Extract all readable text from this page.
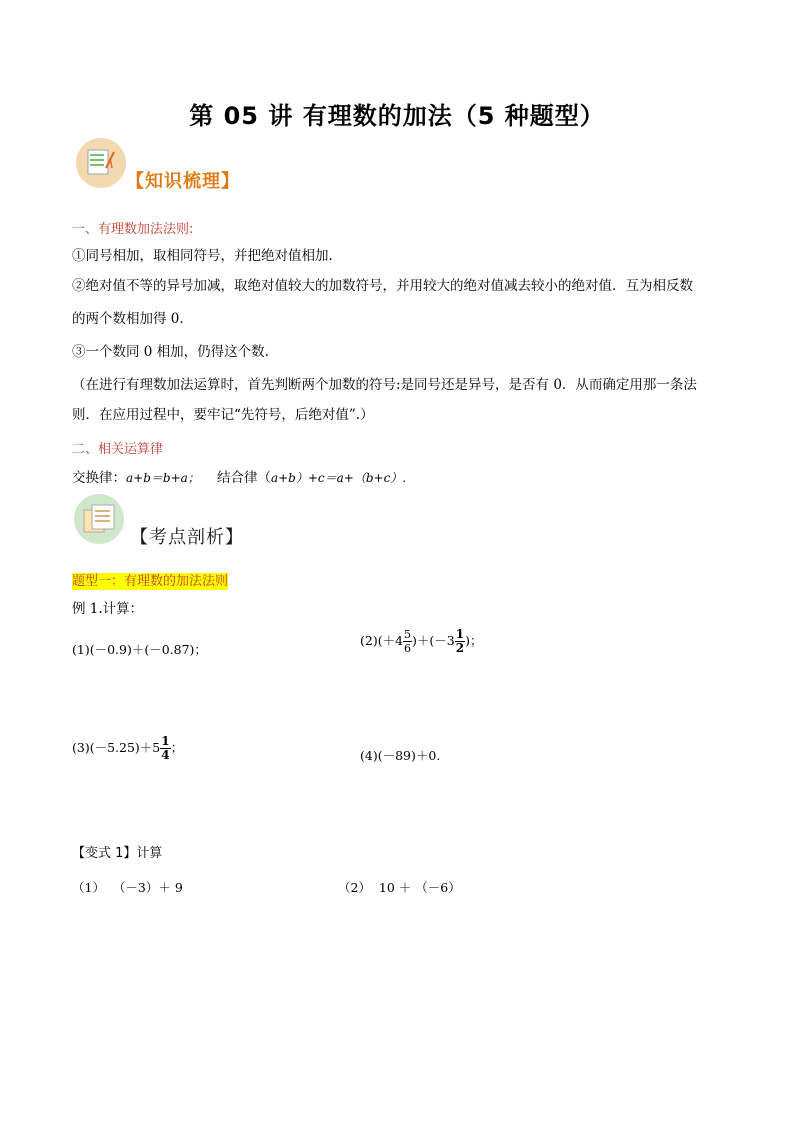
第 05 讲 有理数的加法（5 种题型）
【知识梳理】
一、有理数加法法则:
①同号相加，取相同符号，并把绝对值相加.
②绝对值不等的异号加减，取绝对值较大的加数符号，并用较大的绝对值减去较小的绝对值．互为相反数
的两个数相加得 0.
③一个数同 0 相加，仍得这个数.
（在进行有理数加法运算时，首先判断两个加数的符号:是同号还是异号，是否有 0．从而确定用那一条法
则．在应用过程中，要牢记“先符号，后绝对值”.）
二、相关运算律
交换律：a+b＝b+a； 结合律（a+b）+c＝a+（b+c）.
【考点剖析】
题型一：有理数的加法法则
例 1.计算：
(1)(－0.9)＋(－0.87)；
$(2)(+4 \frac{5}{6} )+(-3 \frac{1}{2}$ )；
$(3)(-5.25)+5 \frac{1}{4}$ ；
(4)(－89)＋0.
【变式 1】计算
（1）  （－3）＋ 9	（2）  10 ＋ （－6）
